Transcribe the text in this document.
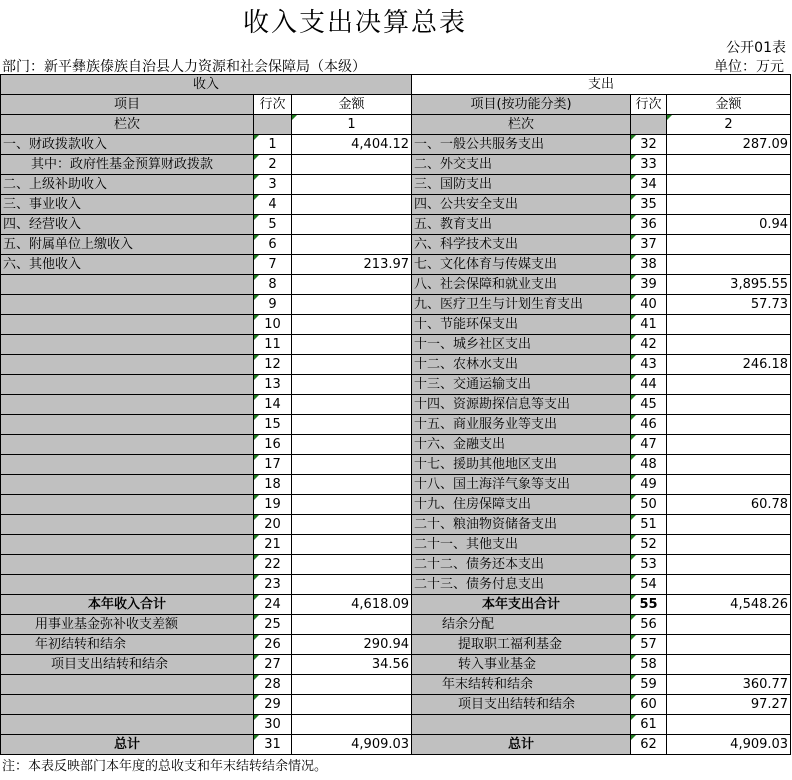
收入支出决算总表
公开01表
部门：新平彝族傣族自治县人力资源和社会保障局（本级）	单位：万元
收入			支出		
项目	行次	金额	项目(按功能分类)	行次	金额
栏次		1	栏次		2
一、财政拨款收入	1	4,404.12	一、一般公共服务支出	32	287.09
其中：政府性基金预算财政拨款	2		二、外交支出	33	
二、上级补助收入	3		三、国防支出	34	
三、事业收入	4		四、公共安全支出	35	
四、经营收入	5		五、教育支出	36	0.94
五、附属单位上缴收入	6		六、科学技术支出	37	
六、其他收入	7	213.97	七、文化体育与传媒支出	38	
	8		八、社会保障和就业支出	39	3,895.55
	9		九、医疗卫生与计划生育支出	40	57.73
	10		十、节能环保支出	41	
	11		十一、城乡社区支出	42	
	12		十二、农林水支出	43	246.18
	13		十三、交通运输支出	44	
	14		十四、资源勘探信息等支出	45	
	15		十五、商业服务业等支出	46	
	16		十六、金融支出	47	
	17		十七、援助其他地区支出	48	
	18		十八、国土海洋气象等支出	49	
	19		十九、住房保障支出	50	60.78
	20		二十、粮油物资储备支出	51	
	21		二十一、其他支出	52	
	22		二十二、债务还本支出	53	
	23		二十三、债务付息支出	54	
本年收入合计	24	4,618.09	本年支出合计	55	4,548.26
用事业基金弥补收支差额	25		结余分配	56	
年初结转和结余	26	290.94	提取职工福利基金	57	
项目支出结转和结余	27	34.56	转入事业基金	58	
	28		年末结转和结余	59	360.77
	29		项目支出结转和结余	60	97.27
	30			61	
总计	31	4,909.03	总计	62	4,909.03
注：本表反映部门本年度的总收支和年末结转结余情况。
